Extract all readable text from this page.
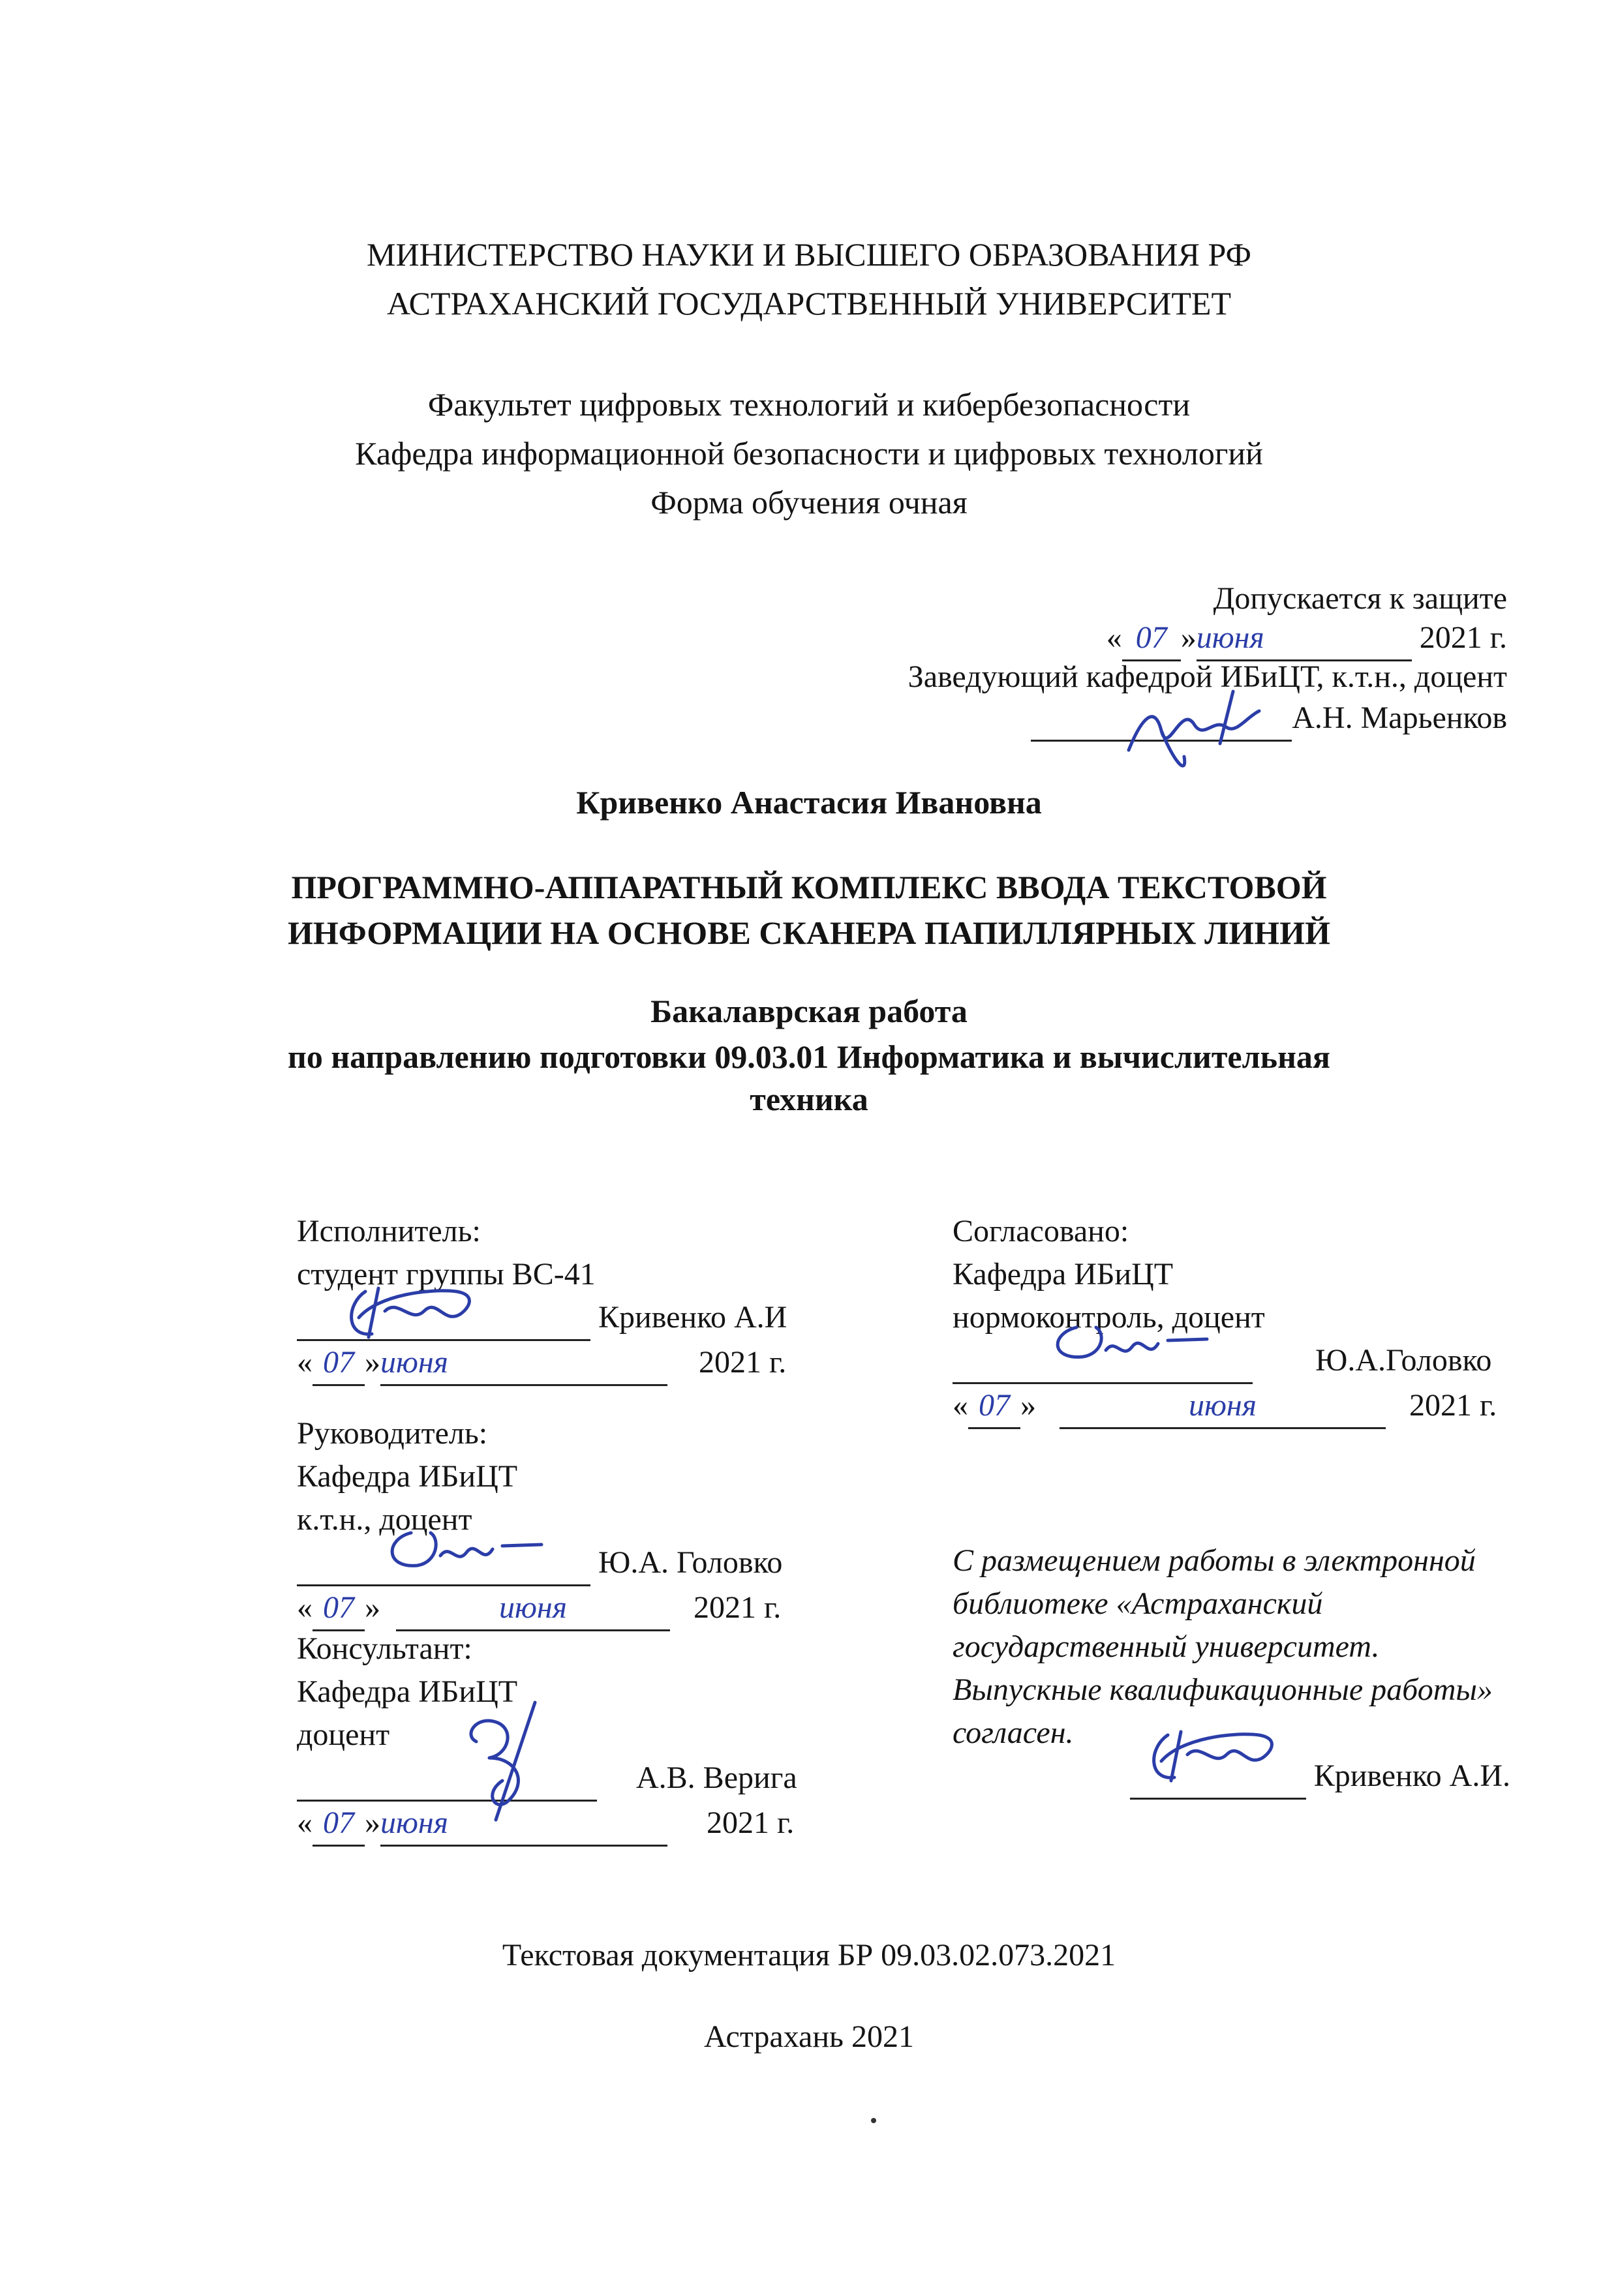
МИНИСТЕРСТВО НАУКИ И ВЫСШЕГО ОБРАЗОВАНИЯ РФ
АСТРАХАНСКИЙ ГОСУДАРСТВЕННЫЙ УНИВЕРСИТЕТ
Факультет цифровых технологий и кибербезопасности
Кафедра информационной безопасности и цифровых технологий
Форма обучения очная
Допускается к защите
« 07 »июня	2021 г.
Заведующий кафедрой ИБиЦТ, к.т.н., доцент
А.Н. Марьенков
Кривенко Анастасия Ивановна
ПРОГРАММНО-АППАРАТНЫЙ КОМПЛЕКС ВВОДА ТЕКСТОВОЙ
ИНФОРМАЦИИ НА ОСНОВЕ СКАНЕРА ПАПИЛЛЯРНЫХ ЛИНИЙ
Бакалаврская работа
по направлению подготовки 09.03.01 Информатика и вычислительная
техника
Исполнитель:
студент группы ВС-41
Кривенко А.И
« 07 »июня	2021 г.
Руководитель:
Кафедра ИБиЦТ
к.т.н., доцент
Ю.А. Головко
« 07 »	июня	2021 г.
Консультант:
Кафедра ИБиЦТ
доцент
А.В. Верига
« 07 »июня	2021 г.
Согласовано:
Кафедра ИБиЦТ
нормоконтроль, доцент
Ю.А.Головко
« 07 »	июня	2021 г.
С размещением работы в электронной
библиотеке «Астраханский
государственный университет.
Выпускные квалификационные работы»
согласен.
Кривенко А.И.
Текстовая документация БР 09.03.02.073.2021
Астрахань 2021
